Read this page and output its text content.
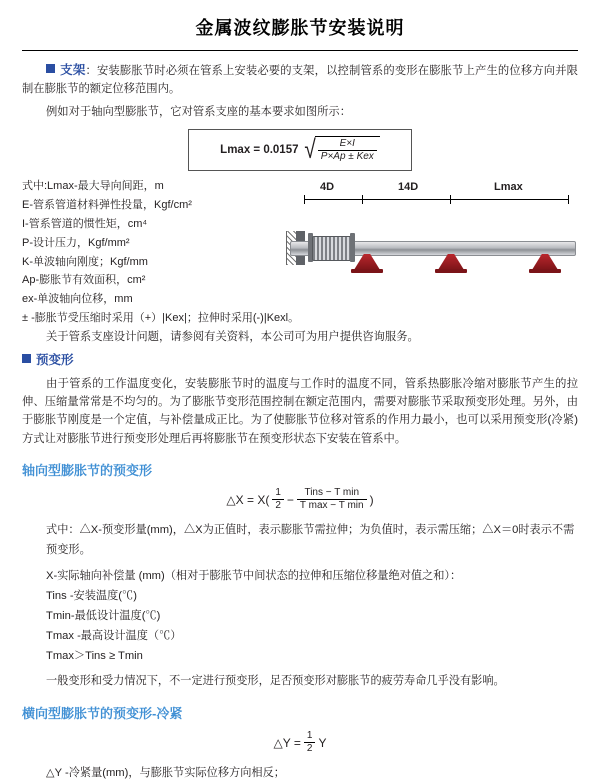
金属波纹膨胀节安装说明

支架：安装膨胀节时必须在管系上安装必要的支架，以控制管系的变形在膨胀节上产生的位移方向并限制在膨胀节的额定位移范围内。

例如对于轴向型膨胀节，它对管系支座的基本要求如图所示：

Lmax = 0.0157 √ $\frac{E\times I}{\text{P×Ap ± Kex}}$
式中:Lmax-最大导向间距，m
E-管系管道材料弹性投量，Kgf/cm²
I-管系管道的惯性矩，cm⁴
P-设计压力，Kgf/mm²
K-单波轴向刚度；Kgf/mm
Ap-膨胀节有效面积，cm²
ex-单波轴向位移，mm
± -膨胀节受压缩时采用（+）|Kex|；拉伸时采用(-)|Kexl。
4D	14D	Lmax

关于管系支座设计问题，请参阅有关资料，本公司可为用户提供咨询服务。

预变形

由于管系的工作温度变化，安装膨胀节时的温度与工作时的温度不同，管系热膨胀冷缩对膨胀节产生的拉伸、压缩量常常是不均匀的。为了膨胀节变形范围控制在额定范围内，需要对膨胀节采取预变形处理。另外，由于膨胀节刚度是一个定值，与补偿量成正比。为了使膨胀节位移对管系的作用力最小，也可以采用预变形(冷紧)方式让对膨胀节进行预变形处理后再将膨胀节在预变形状态下安装在管系中。

轴向型膨胀节的预变形
△X = $X( \frac{1}{2} - \frac{\text{Tins − T min}}{\text{T max − T min}}$ )
式中：△X-预变形量(mm)，△X为正值时，表示膨胀节需拉伸；为负值时，表示需压缩；△X＝0时表示不需预变形。
X-实际轴向补偿量 (mm)（相对于膨胀节中间状态的拉伸和压缩位移量绝对值之和）：
Tins -安装温度(℃)
Tmin-最低设计温度(℃)
Tmax -最高设计温度（℃）
Tmax＞Tins ≥ Tmin
一般变形和受力情况下，不一定进行预变形，足否预变形对膨胀节的疲劳寿命几乎没有影响。
横向型膨胀节的预变形-冷紧
△Y = $\frac{1}{2}$ Y
△Y -冷紧量(mm)，与膨胀节实际位移方向相反；
